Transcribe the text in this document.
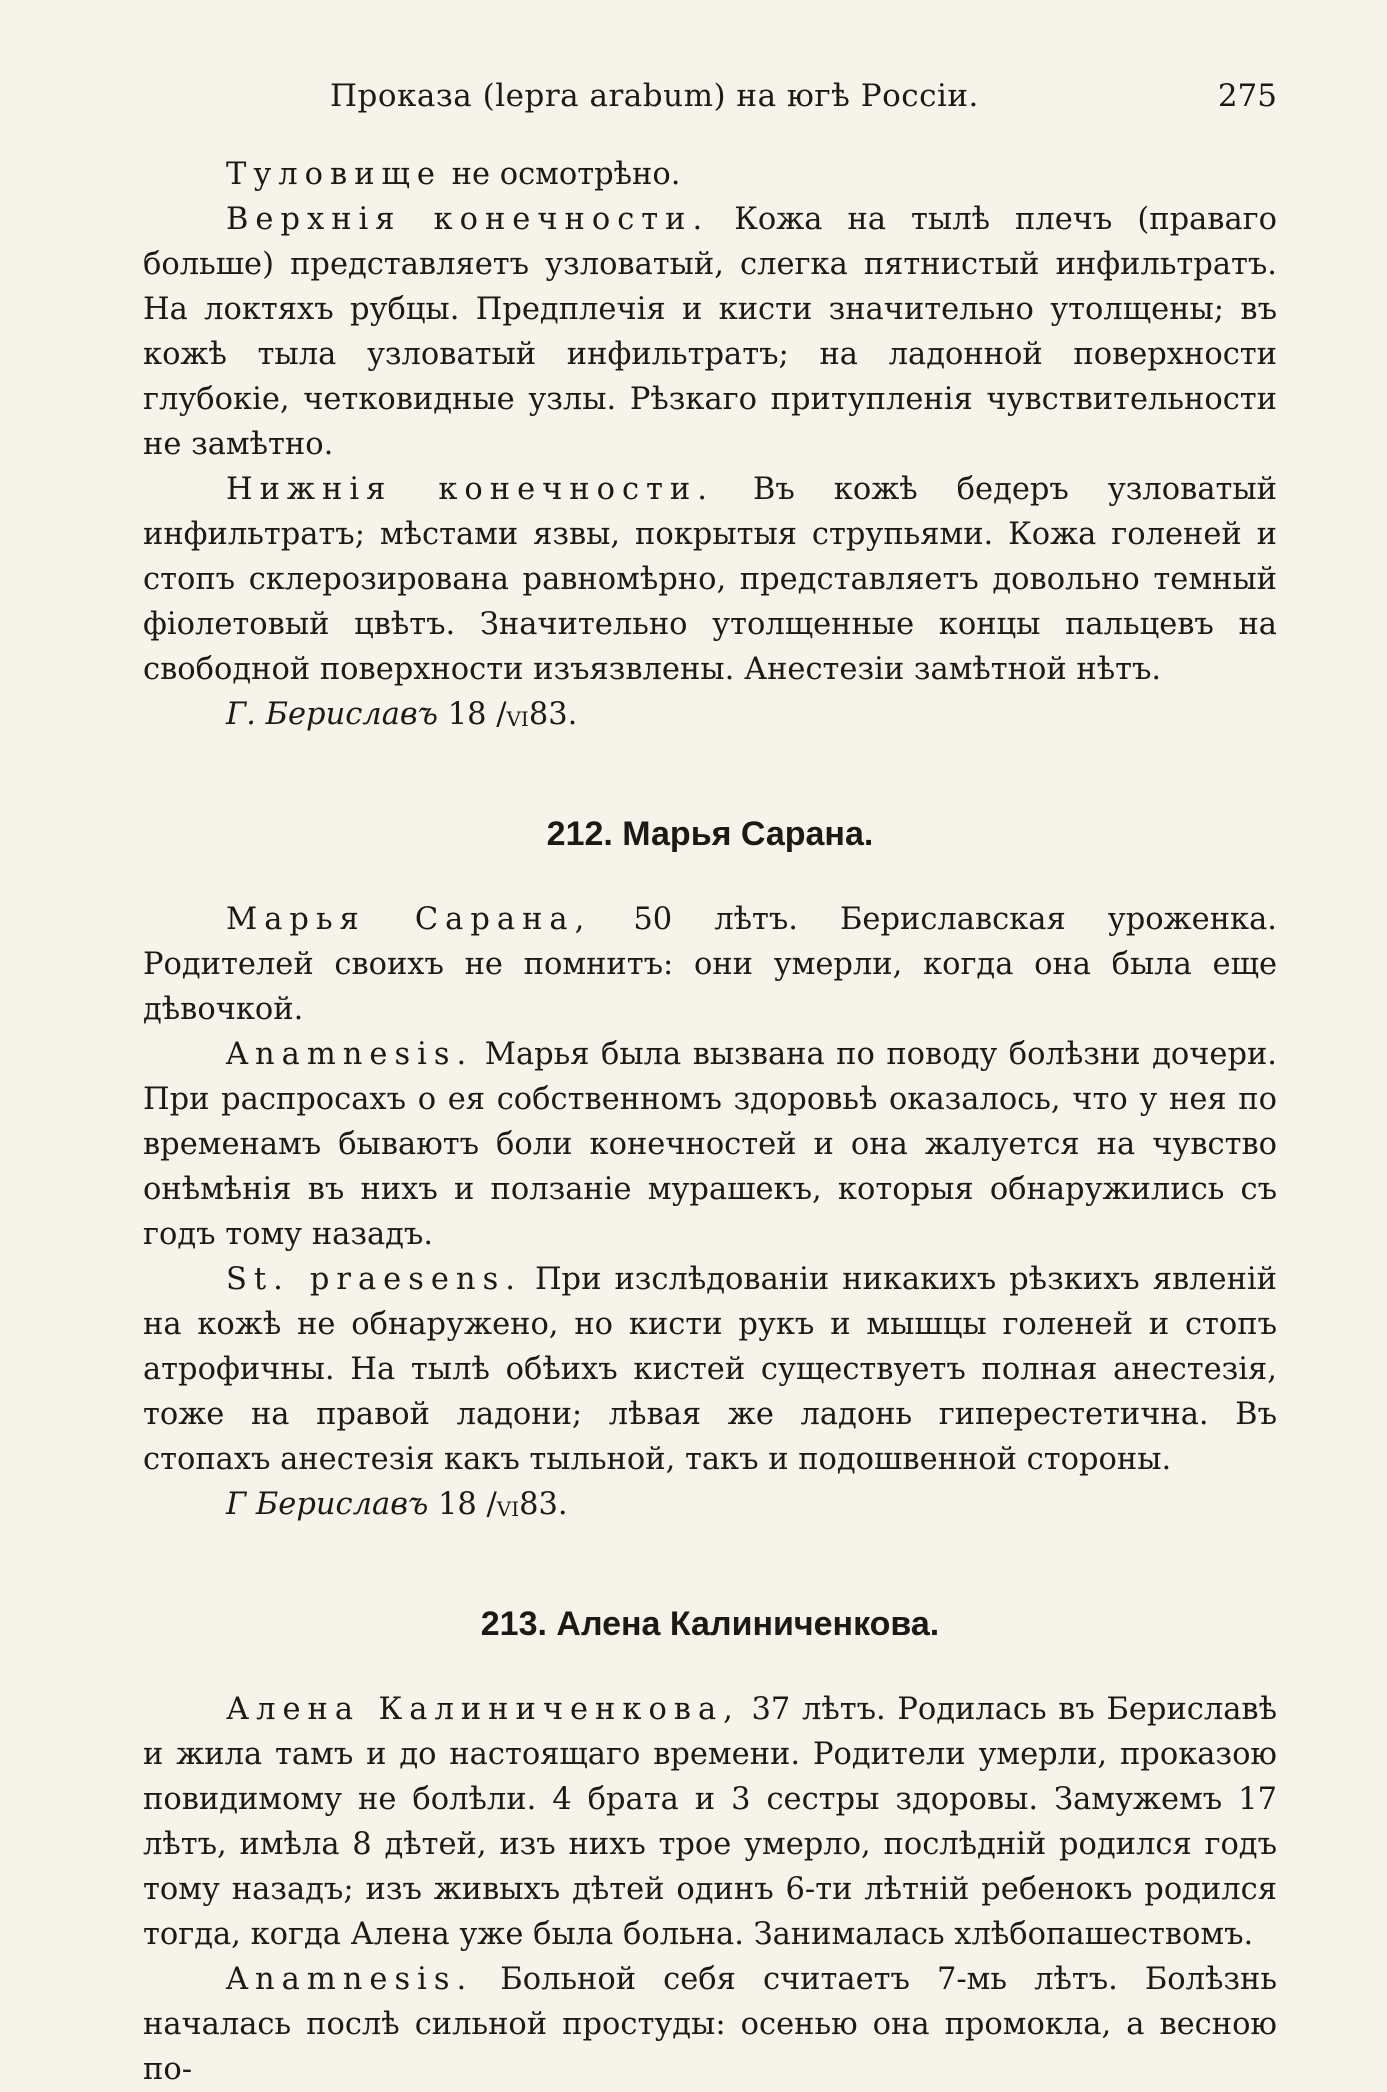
Проказа (lepra arabum) на югѣ Россіи.	275

Туловище не осмотрѣно.

Верхнія конечности. Кожа на тылѣ плечъ (праваго больше) представляетъ узловатый, слегка пятнистый инфильтратъ. На локтяхъ рубцы. Предплечія и кисти значительно утолщены; въ кожѣ тыла узловатый инфильтратъ; на ладонной поверхности глубокіе, четковидные узлы. Рѣзкаго притупленія чувствительности не замѣтно.

Нижнія конечности. Въ кожѣ бедеръ узловатый инфильтратъ; мѣстами язвы, покрытыя струпьями. Кожа голеней и стопъ склерозирована равномѣрно, представляетъ довольно темный фіолетовый цвѣтъ. Значительно утолщенные концы пальцевъ на свободной поверхности изъязвлены. Анестезіи замѣтной нѣтъ.

Г. Бериславъ 18 $/_{VI}83$.
212. Марья Сарана.

Марья Сарана, 50 лѣтъ. Бериславская уроженка. Родителей своихъ не помнитъ: они умерли, когда она была еще дѣвочкой.

Anamnesis. Марья была вызвана по поводу болѣзни дочери. При распросахъ о ея собственномъ здоровьѣ оказалось, что у нея по временамъ бываютъ боли конечностей и она жалуется на чувство онѣмѣнія въ нихъ и ползаніе мурашекъ, которыя обнаружились съ годъ тому назадъ.

St. praesens. При изслѣдованіи никакихъ рѣзкихъ явленій на кожѣ не обнаружено, но кисти рукъ и мышцы голеней и стопъ атрофичны. На тылѣ обѣихъ кистей существуетъ полная анестезія, тоже на правой ладони; лѣвая же ладонь гиперестетична. Въ стопахъ анестезія какъ тыльной, такъ и подошвенной стороны.

Г Бериславъ 18 $/_{VI}83$.
213. Алена Калиниченкова.

Алена Калиниченкова, 37 лѣтъ. Родилась въ Бериславѣ и жила тамъ и до настоящаго времени. Родители умерли, проказою повидимому не болѣли. 4 брата и 3 сестры здоровы. Замужемъ 17 лѣтъ, имѣла 8 дѣтей, изъ нихъ трое умерло, послѣдній родился годъ тому назадъ; изъ живыхъ дѣтей одинъ 6-ти лѣтній ребенокъ родился тогда, когда Алена уже была больна. Занималась хлѣбопашествомъ.

Anamnesis. Больной себя считаетъ 7-мь лѣтъ. Болѣзнь началась послѣ сильной простуды: осенью она промокла, а весною по-
